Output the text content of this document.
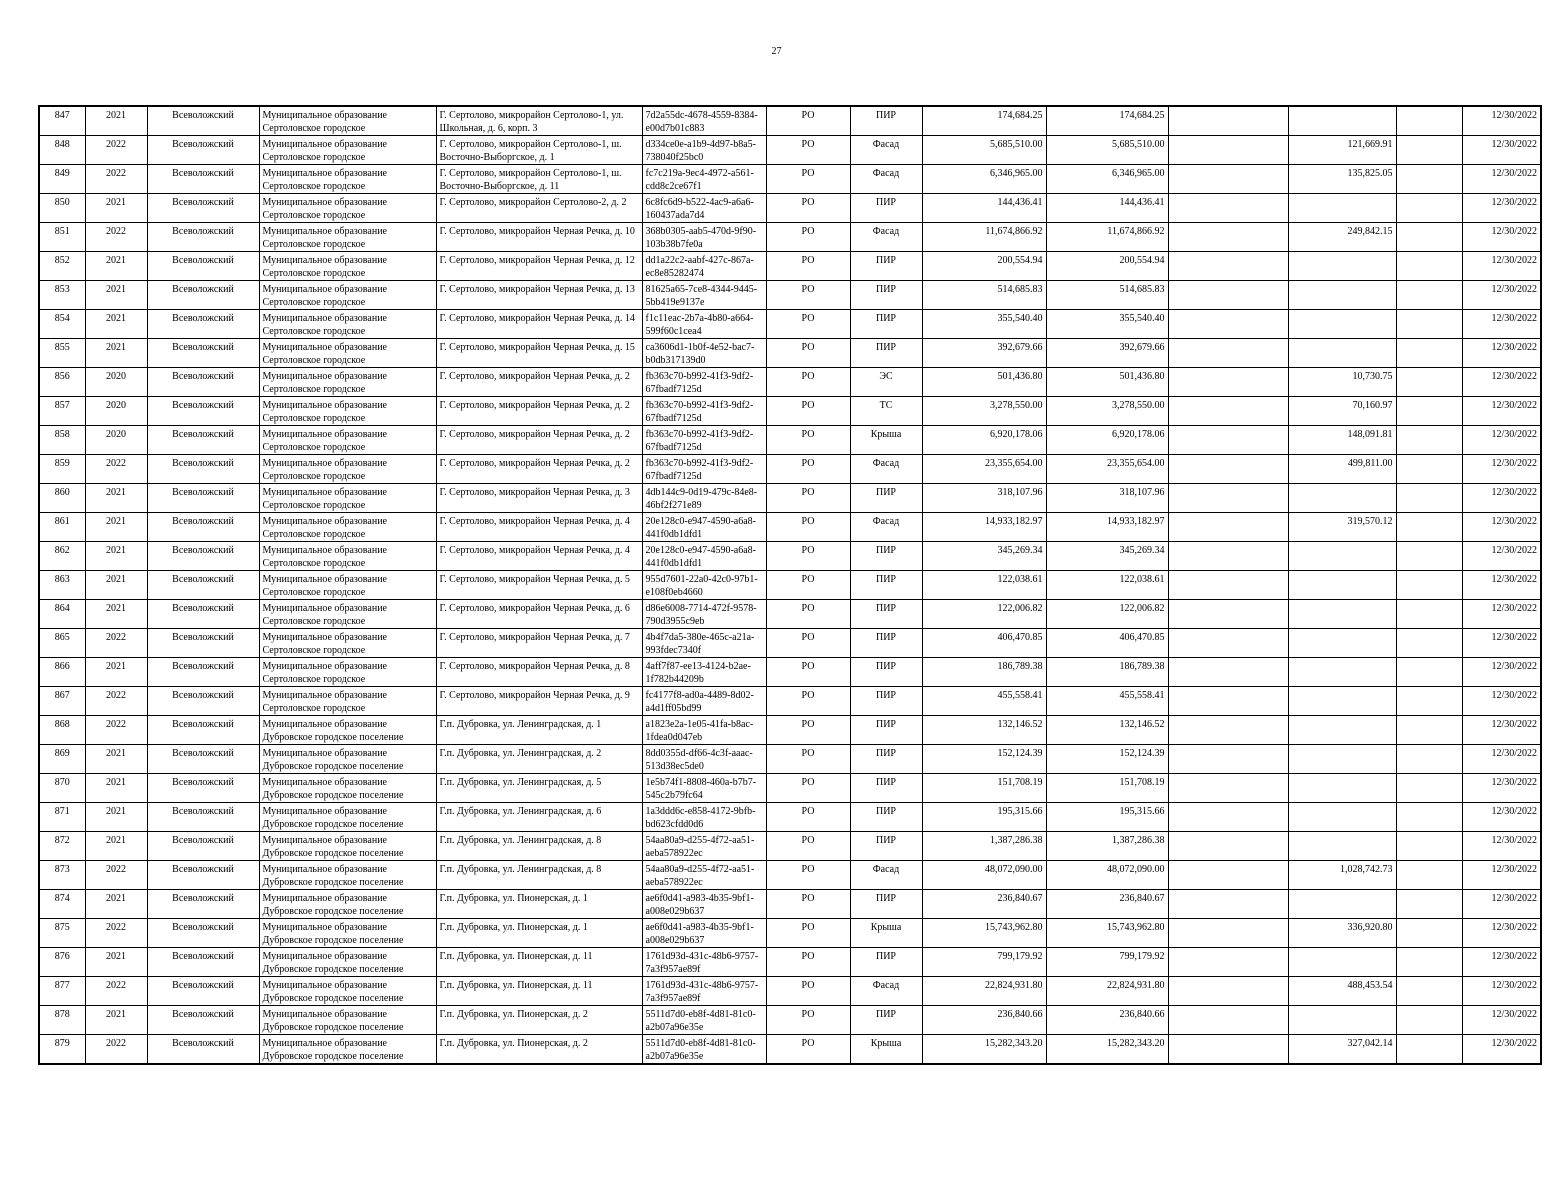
27
847	2021	Всеволожский	Муниципальное образование Сертоловское городское	Г. Сертолово, микрорайон Сертолово-1, ул. Школьная, д. 6, корп. 3	7d2a55dc-4678-4559-8384-e00d7b01c883	РО	ПИР	174,684.25	174,684.25				12/30/2022
848	2022	Всеволожский	Муниципальное образование Сертоловское городское	Г. Сертолово, микрорайон Сертолово-1, ш. Восточно-Выборгское, д. 1	d334ce0e-a1b9-4d97-b8a5-738040f25bc0	РО	Фасад	5,685,510.00	5,685,510.00		121,669.91		12/30/2022
849	2022	Всеволожский	Муниципальное образование Сертоловское городское	Г. Сертолово, микрорайон Сертолово-1, ш. Восточно-Выборгское, д. 11	fc7c219a-9ec4-4972-a561-cdd8c2ce67f1	РО	Фасад	6,346,965.00	6,346,965.00		135,825.05		12/30/2022
850	2021	Всеволожский	Муниципальное образование Сертоловское городское	Г. Сертолово, микрорайон Сертолово-2, д. 2	6c8fc6d9-b522-4ac9-a6a6-160437ada7d4	РО	ПИР	144,436.41	144,436.41				12/30/2022
851	2022	Всеволожский	Муниципальное образование Сертоловское городское	Г. Сертолово, микрорайон Черная Речка, д. 10	368b0305-aab5-470d-9f90-103b38b7fe0a	РО	Фасад	11,674,866.92	11,674,866.92		249,842.15		12/30/2022
852	2021	Всеволожский	Муниципальное образование Сертоловское городское	Г. Сертолово, микрорайон Черная Речка, д. 12	dd1a22c2-aabf-427c-867a-ec8e85282474	РО	ПИР	200,554.94	200,554.94				12/30/2022
853	2021	Всеволожский	Муниципальное образование Сертоловское городское	Г. Сертолово, микрорайон Черная Речка, д. 13	81625a65-7ce8-4344-9445-5bb419e9137e	РО	ПИР	514,685.83	514,685.83				12/30/2022
854	2021	Всеволожский	Муниципальное образование Сертоловское городское	Г. Сертолово, микрорайон Черная Речка, д. 14	f1c11eac-2b7a-4b80-a664-599f60c1cea4	РО	ПИР	355,540.40	355,540.40				12/30/2022
855	2021	Всеволожский	Муниципальное образование Сертоловское городское	Г. Сертолово, микрорайон Черная Речка, д. 15	ca3606d1-1b0f-4e52-bac7-b0db317139d0	РО	ПИР	392,679.66	392,679.66				12/30/2022
856	2020	Всеволожский	Муниципальное образование Сертоловское городское	Г. Сертолово, микрорайон Черная Речка, д. 2	fb363c70-b992-41f3-9df2-67fbadf7125d	РО	ЭС	501,436.80	501,436.80		10,730.75		12/30/2022
857	2020	Всеволожский	Муниципальное образование Сертоловское городское	Г. Сертолово, микрорайон Черная Речка, д. 2	fb363c70-b992-41f3-9df2-67fbadf7125d	РО	ТС	3,278,550.00	3,278,550.00		70,160.97		12/30/2022
858	2020	Всеволожский	Муниципальное образование Сертоловское городское	Г. Сертолово, микрорайон Черная Речка, д. 2	fb363c70-b992-41f3-9df2-67fbadf7125d	РО	Крыша	6,920,178.06	6,920,178.06		148,091.81		12/30/2022
859	2022	Всеволожский	Муниципальное образование Сертоловское городское	Г. Сертолово, микрорайон Черная Речка, д. 2	fb363c70-b992-41f3-9df2-67fbadf7125d	РО	Фасад	23,355,654.00	23,355,654.00		499,811.00		12/30/2022
860	2021	Всеволожский	Муниципальное образование Сертоловское городское	Г. Сертолово, микрорайон Черная Речка, д. 3	4db144c9-0d19-479c-84e8-46bf2f271e89	РО	ПИР	318,107.96	318,107.96				12/30/2022
861	2021	Всеволожский	Муниципальное образование Сертоловское городское	Г. Сертолово, микрорайон Черная Речка, д. 4	20e128c0-e947-4590-a6a8-441f0db1dfd1	РО	Фасад	14,933,182.97	14,933,182.97		319,570.12		12/30/2022
862	2021	Всеволожский	Муниципальное образование Сертоловское городское	Г. Сертолово, микрорайон Черная Речка, д. 4	20e128c0-e947-4590-a6a8-441f0db1dfd1	РО	ПИР	345,269.34	345,269.34				12/30/2022
863	2021	Всеволожский	Муниципальное образование Сертоловское городское	Г. Сертолово, микрорайон Черная Речка, д. 5	955d7601-22a0-42c0-97b1-e108f0eb4660	РО	ПИР	122,038.61	122,038.61				12/30/2022
864	2021	Всеволожский	Муниципальное образование Сертоловское городское	Г. Сертолово, микрорайон Черная Речка, д. 6	d86e6008-7714-472f-9578-790d3955c9eb	РО	ПИР	122,006.82	122,006.82				12/30/2022
865	2022	Всеволожский	Муниципальное образование Сертоловское городское	Г. Сертолово, микрорайон Черная Речка, д. 7	4b4f7da5-380e-465c-a21a-993fdec7340f	РО	ПИР	406,470.85	406,470.85				12/30/2022
866	2021	Всеволожский	Муниципальное образование Сертоловское городское	Г. Сертолово, микрорайон Черная Речка, д. 8	4aff7f87-ee13-4124-b2ae-1f782b44209b	РО	ПИР	186,789.38	186,789.38				12/30/2022
867	2022	Всеволожский	Муниципальное образование Сертоловское городское	Г. Сертолово, микрорайон Черная Речка, д. 9	fc4177f8-ad0a-4489-8d02-a4d1ff05bd99	РО	ПИР	455,558.41	455,558.41				12/30/2022
868	2022	Всеволожский	Муниципальное образование Дубровское городское поселение	Г.п. Дубровка, ул. Ленинградская, д. 1	a1823e2a-1e05-41fa-b8ac-1fdea0d047eb	РО	ПИР	132,146.52	132,146.52				12/30/2022
869	2021	Всеволожский	Муниципальное образование Дубровское городское поселение	Г.п. Дубровка, ул. Ленинградская, д. 2	8dd0355d-df66-4c3f-aaac-513d38ec5de0	РО	ПИР	152,124.39	152,124.39				12/30/2022
870	2021	Всеволожский	Муниципальное образование Дубровское городское поселение	Г.п. Дубровка, ул. Ленинградская, д. 5	1e5b74f1-8808-460a-b7b7-545c2b79fc64	РО	ПИР	151,708.19	151,708.19				12/30/2022
871	2021	Всеволожский	Муниципальное образование Дубровское городское поселение	Г.п. Дубровка, ул. Ленинградская, д. 6	1a3ddd6c-e858-4172-9bfb-bd623cfdd0d6	РО	ПИР	195,315.66	195,315.66				12/30/2022
872	2021	Всеволожский	Муниципальное образование Дубровское городское поселение	Г.п. Дубровка, ул. Ленинградская, д. 8	54aa80a9-d255-4f72-aa51-aeba578922ec	РО	ПИР	1,387,286.38	1,387,286.38				12/30/2022
873	2022	Всеволожский	Муниципальное образование Дубровское городское поселение	Г.п. Дубровка, ул. Ленинградская, д. 8	54aa80a9-d255-4f72-aa51-aeba578922ec	РО	Фасад	48,072,090.00	48,072,090.00		1,028,742.73		12/30/2022
874	2021	Всеволожский	Муниципальное образование Дубровское городское поселение	Г.п. Дубровка, ул. Пионерская, д. 1	ae6f0d41-a983-4b35-9bf1-a008e029b637	РО	ПИР	236,840.67	236,840.67				12/30/2022
875	2022	Всеволожский	Муниципальное образование Дубровское городское поселение	Г.п. Дубровка, ул. Пионерская, д. 1	ae6f0d41-a983-4b35-9bf1-a008e029b637	РО	Крыша	15,743,962.80	15,743,962.80		336,920.80		12/30/2022
876	2021	Всеволожский	Муниципальное образование Дубровское городское поселение	Г.п. Дубровка, ул. Пионерская, д. 11	1761d93d-431c-48b6-9757-7a3f957ae89f	РО	ПИР	799,179.92	799,179.92				12/30/2022
877	2022	Всеволожский	Муниципальное образование Дубровское городское поселение	Г.п. Дубровка, ул. Пионерская, д. 11	1761d93d-431c-48b6-9757-7a3f957ae89f	РО	Фасад	22,824,931.80	22,824,931.80		488,453.54		12/30/2022
878	2021	Всеволожский	Муниципальное образование Дубровское городское поселение	Г.п. Дубровка, ул. Пионерская, д. 2	5511d7d0-eb8f-4d81-81c0-a2b07a96e35e	РО	ПИР	236,840.66	236,840.66				12/30/2022
879	2022	Всеволожский	Муниципальное образование Дубровское городское поселение	Г.п. Дубровка, ул. Пионерская, д. 2	5511d7d0-eb8f-4d81-81c0-a2b07a96e35e	РО	Крыша	15,282,343.20	15,282,343.20		327,042.14		12/30/2022
